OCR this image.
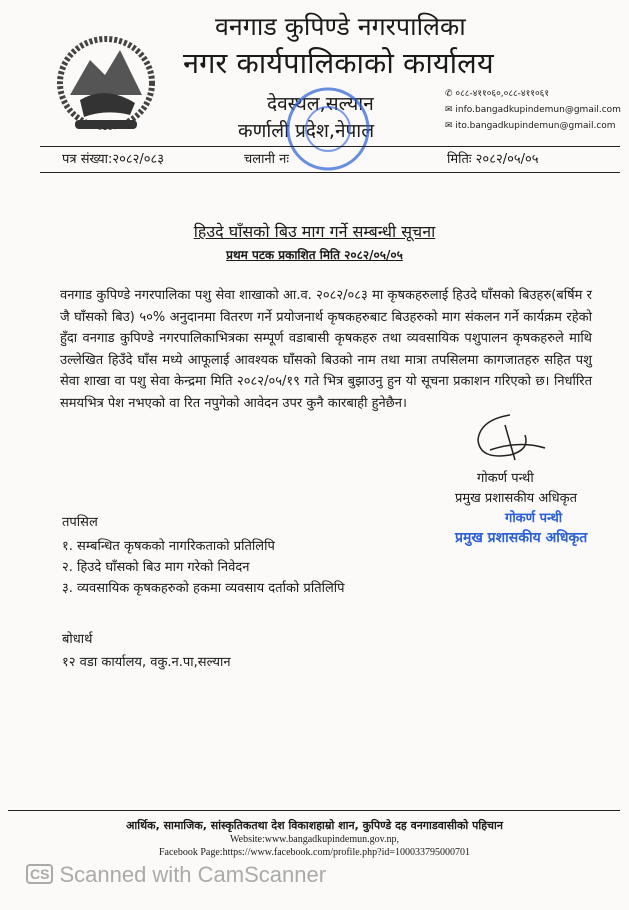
वनगाड कुपिण्डे नगरपालिका
नगर कार्यपालिकाको कार्यालय
देवस्थल,सल्यान
कर्णाली प्रदेश,नेपाल
✆ ०८८-४११०६०,०८८-४११०६१
✉ info.bangadkupindemun@gmail.com
✉ ito.bangadkupindemun@gmail.com
पत्र संख्या:२०८२/०८३	चलानी नः	मितिः २०८२/०५/०५
हिउदे घाँसको बिउ माग गर्ने सम्बन्धी सूचना
प्रथम पटक प्रकाशित मिति २०८२/०५/०५
वनगाड कुपिण्डे नगरपालिका पशु सेवा शाखाको आ.व. २०८२/०८३ मा कृषकहरुलाई हिउदे घाँसको बिउहरु(बर्षिम र जै घाँसको बिउ) ५०% अनुदानमा वितरण गर्ने प्रयोजनार्थ कृषकहरुबाट बिउहरुको माग संकलन गर्ने कार्यक्रम रहेको हुँदा वनगाड कुपिण्डे नगरपालिकाभित्रका सम्पूर्ण वडाबासी कृषकहरु तथा व्यवसायिक पशुपालन कृषकहरुले माथि उल्लेखित हिउँदे घाँस मध्ये आफूलाई आवश्यक घाँसको बिउको नाम तथा मात्रा तपसिलमा कागजातहरु सहित पशु सेवा शाखा वा पशु सेवा केन्द्रमा मिति २०८२/०५/१९ गते भित्र बुझाउनु हुन यो सूचना प्रकाशन गरिएको छ। निर्धारित समयभित्र पेश नभएको वा रित नपुगेको आवेदन उपर कुनै कारबाही हुनेछैन।
गोकर्ण पन्थी
प्रमुख प्रशासकीय अधिकृत
गोकर्ण पन्थी
प्रमुख प्रशासकीय अधिकृत
तपसिल
१. सम्बन्धित कृषकको नागरिकताको प्रतिलिपि
२. हिउदे घाँसको बिउ माग गरेको निवेदन
३. व्यवसायिक कृषकहरुको हकमा व्यवसाय दर्ताको प्रतिलिपि
बोधार्थ
१२ वडा कार्यालय, वकु.न.पा,सल्यान
आर्थिक, सामाजिक, सांस्कृतिकतथा देश विकाशहाम्रो शान, कुपिण्डे दह वनगाडवासीको पहिचान
Website:www.bangadkupindemun.gov.np,
Facebook Page:https://www.facebook.com/profile.php?id=100033795000701
CS Scanned with CamScanner
